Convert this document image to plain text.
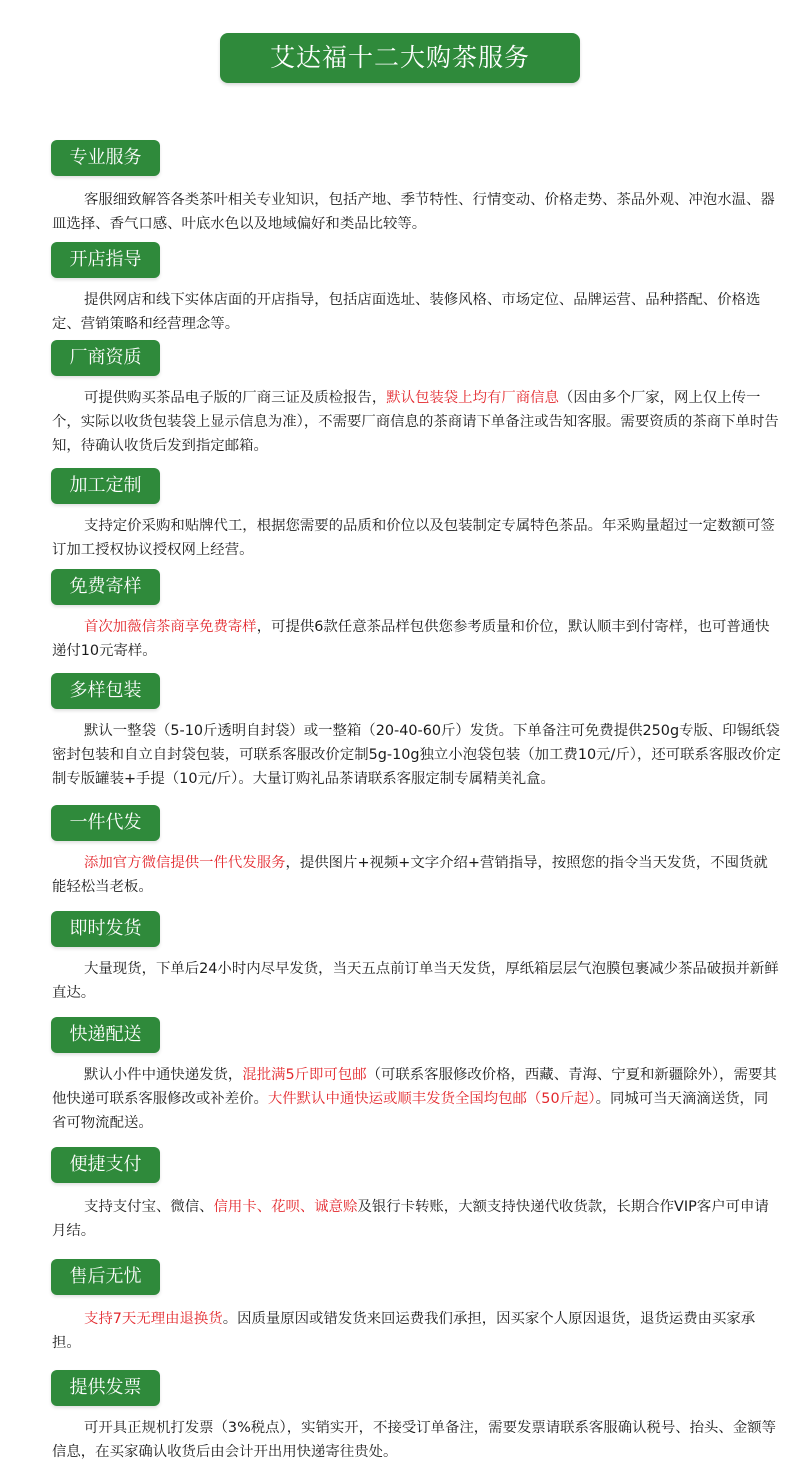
艾达福十二大购茶服务
专业服务

客服细致解答各类茶叶相关专业知识，包括产地、季节特性、行情变动、价格走势、茶品外观、冲泡水温、器皿选择、香气口感、叶底水色以及地域偏好和类品比较等。

开店指导

提供网店和线下实体店面的开店指导，包括店面选址、装修风格、市场定位、品牌运营、品种搭配、价格选定、营销策略和经营理念等。

厂商资质

可提供购买茶品电子版的厂商三证及质检报告，默认包装袋上均有厂商信息（因由多个厂家，网上仅上传一个，实际以收货包装袋上显示信息为准），不需要厂商信息的茶商请下单备注或告知客服。需要资质的茶商下单时告知，待确认收货后发到指定邮箱。

加工定制

支持定价采购和贴牌代工，根据您需要的品质和价位以及包装制定专属特色茶品。年采购量超过一定数额可签订加工授权协议授权网上经营。

免费寄样

首次加薇信茶商享免费寄样，可提供6款任意茶品样包供您参考质量和价位，默认顺丰到付寄样，也可普通快递付10元寄样。

多样包装

默认一整袋（5-10斤透明自封袋）或一整箱（20-40-60斤）发货。下单备注可免费提供250g专版、印锡纸袋密封包装和自立自封袋包装，可联系客服改价定制5g-10g独立小泡袋包装（加工费10元/斤），还可联系客服改价定制专版罐装+手提（10元/斤）。大量订购礼品茶请联系客服定制专属精美礼盒。

一件代发

添加官方微信提供一件代发服务，提供图片+视频+文字介绍+营销指导，按照您的指令当天发货，不囤货就能轻松当老板。

即时发货

大量现货，下单后24小时内尽早发货，当天五点前订单当天发货，厚纸箱层层气泡膜包裹减少茶品破损并新鲜直达。

快递配送

默认小件中通快递发货，混批满5斤即可包邮（可联系客服修改价格，西藏、青海、宁夏和新疆除外），需要其他快递可联系客服修改或补差价。大件默认中通快运或顺丰发货全国均包邮（50斤起）。同城可当天滴滴送货，同省可物流配送。

便捷支付

支持支付宝、微信、信用卡、花呗、诚意赊及银行卡转账，大额支持快递代收货款，长期合作VIP客户可申请月结。

售后无忧

支持7天无理由退换货。因质量原因或错发货来回运费我们承担，因买家个人原因退货，退货运费由买家承担。

提供发票

可开具正规机打发票（3%税点），实销实开，不接受订单备注，需要发票请联系客服确认税号、抬头、金额等信息，在买家确认收货后由会计开出用快递寄往贵处。
